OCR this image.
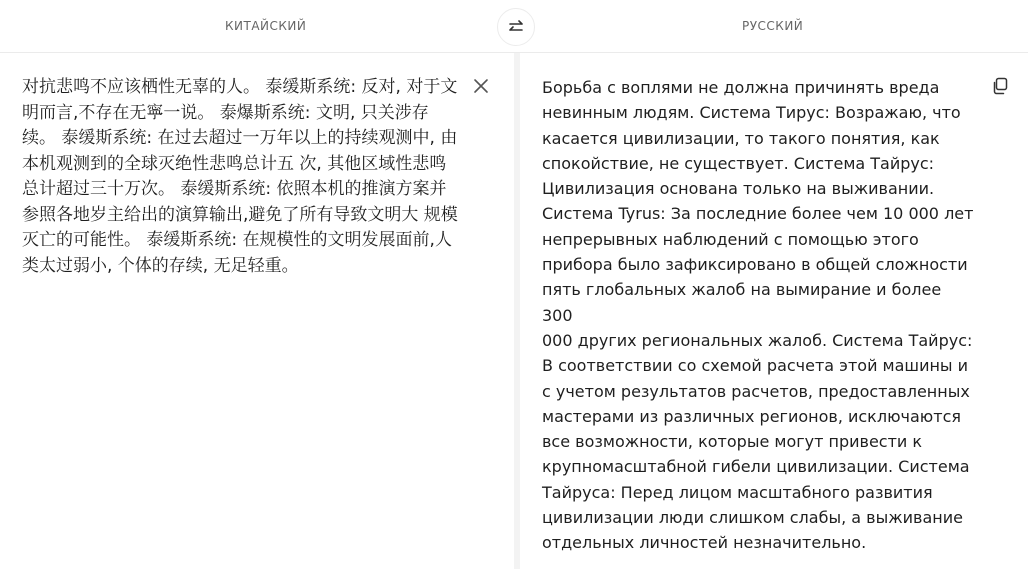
КИТАЙСКИЙ	РУССКИЙ
对抗悲鸣不应该栖性无辜的人。 泰缓斯系统: 反对, 对于文明而言,不存在无寧一说。 泰爆斯系统: 文明, 只关涉存续。 泰缓斯系统: 在过去超过一万年以上的持续观测中, 由本机观测到的全球灭绝性悲鸣总计五 次, 其他区域性悲鸣总计超过三十万次。 泰缓斯系统: 依照本机的推演方案并参照各地岁主给出的演算输出,避免了所有导致文明大 规模灭亡的可能性。 泰缓斯系统: 在规模性的文明发展面前,人类太过弱小, 个体的存续, 无足轻重。
Борьба с воплями не должна причинять вреда
невинным людям. Система Тирус: Возражаю, что
касается цивилизации, то такого понятия, как
спокойствие, не существует. Система Тайрус:
Цивилизация основана только на выживании.
Система Tyrus: За последние более чем 10 000 лет
непрерывных наблюдений с помощью этого
прибора было зафиксировано в общей сложности
пять глобальных жалоб на вымирание и более 300
000 других региональных жалоб. Система Тайрус:
В соответствии со схемой расчета этой машины и
с учетом результатов расчетов, предоставленных
мастерами из различных регионов, исключаются
все возможности, которые могут привести к
крупномасштабной гибели цивилизации. Система
Тайруса: Перед лицом масштабного развития
цивилизации люди слишком слабы, а выживание
отдельных личностей незначительно.
